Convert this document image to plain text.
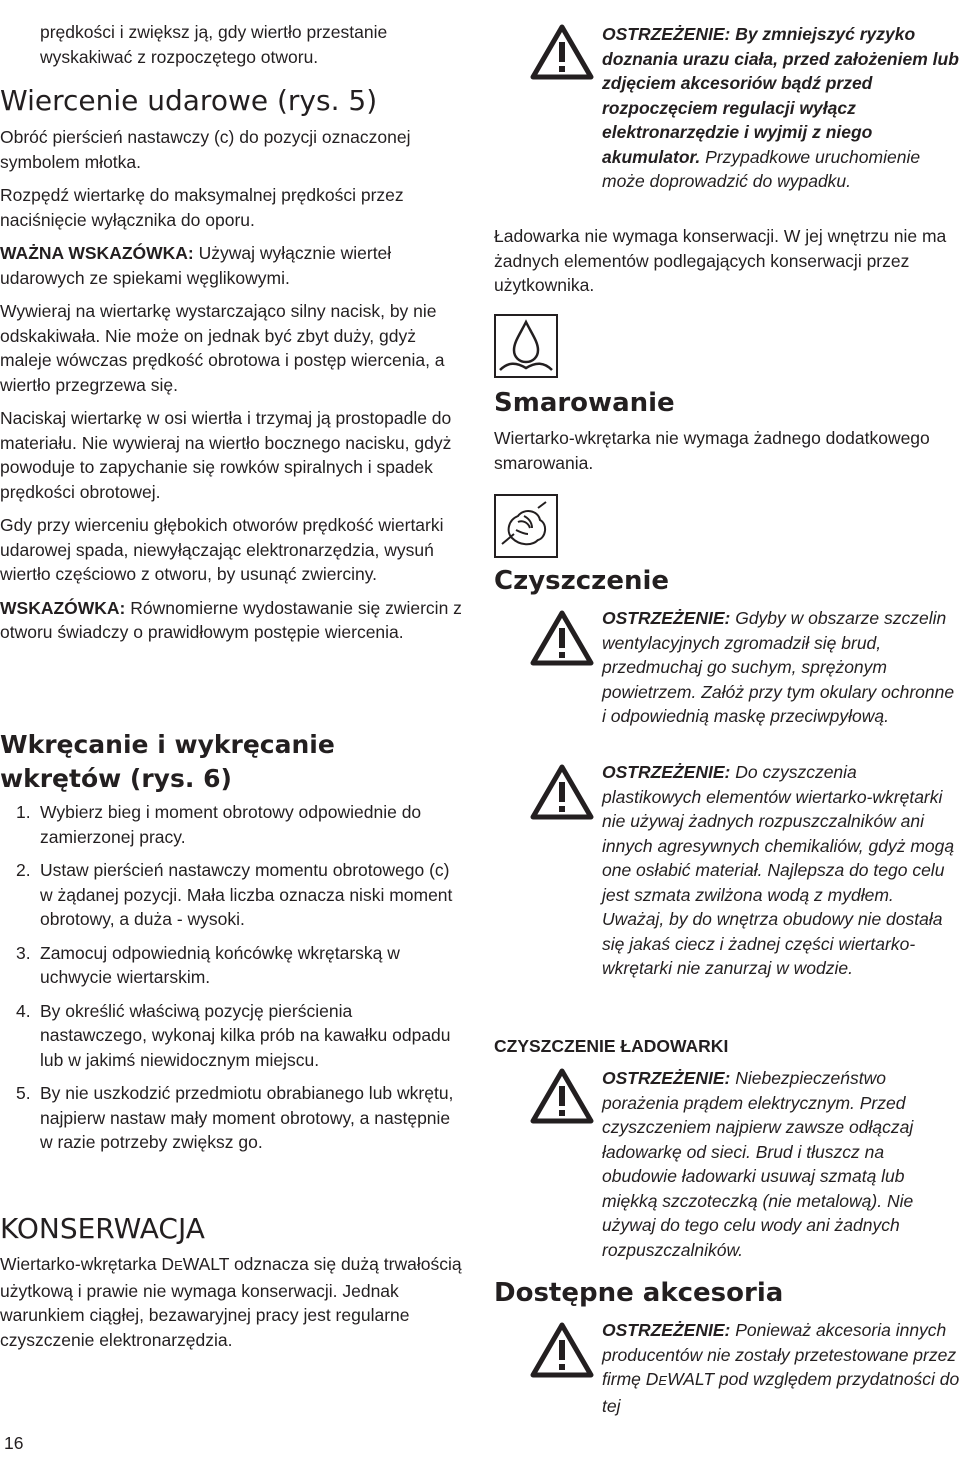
prędkości i zwiększ ją, gdy wiertło przestanie wyskakiwać z rozpoczętego otworu.

Wiercenie udarowe (rys. 5)

Obróć pierścień nastawczy (c) do pozycji oznaczonej symbolem młotka.

Rozpędź wiertarkę do maksymalnej prędkości przez naciśnięcie wyłącznika do oporu.

WAŻNA WSKAZÓWKA: Używaj wyłącznie wierteł udarowych ze spiekami węglikowymi.

Wywieraj na wiertarkę wystarczająco silny nacisk, by nie odskakiwała. Nie może on jednak być zbyt duży, gdyż maleje wówczas prędkość obrotowa i postęp wiercenia, a wiertło przegrzewa się.

Naciskaj wiertarkę w osi wiertła i trzymaj ją prostopadle do materiału. Nie wywieraj na wiertło bocznego nacisku, gdyż powoduje to zapychanie się rowków spiralnych i spadek prędkości obrotowej.

Gdy przy wierceniu głębokich otworów prędkość wiertarki udarowej spada, niewyłączając elektronarzędzia, wysuń wiertło częściowo z otworu, by usunąć zwierciny.

WSKAZÓWKA: Równomierne wydostawanie się zwiercin z otworu świadczy o prawidłowym postępie wiercenia.

Wkręcanie i wykręcanie
wkrętów (rys. 6)
1. Wybierz bieg i moment obrotowy odpowiednie do zamierzonej pracy.
2. Ustaw pierścień nastawczy momentu obrotowego (c) w żądanej pozycji. Mała liczba oznacza niski moment obrotowy, a duża - wysoki.
3. Zamocuj odpowiednią końcówkę wkrętarską w uchwycie wiertarskim.
4. By określić właściwą pozycję pierścienia nastawczego, wykonaj kilka prób na kawałku odpadu lub w jakimś niewidocznym miejscu.
5. By nie uszkodzić przedmiotu obrabianego lub wkrętu, najpierw nastaw mały moment obrotowy, a następnie w razie potrzeby zwiększ go.
KONSERWACJA

Wiertarko-wkrętarka DEWALT odznacza się dużą trwałością użytkową i prawie nie wymaga konserwacji. Jednak warunkiem ciągłej, bezawaryjnej pracy jest regularne czyszczenie elektronarzędzia.

16

OSTRZEŻENIE: By zmniejszyć ryzyko doznania urazu ciała, przed założeniem lub zdjęciem akcesoriów bądź przed rozpoczęciem regulacji wyłącz elektronarzędzie i wyjmij z niego akumulator. Przypadkowe uruchomienie może doprowadzić do wypadku.

Ładowarka nie wymaga konserwacji. W jej wnętrzu nie ma żadnych elementów podlegających konserwacji przez użytkownika.

Smarowanie

Wiertarko-wkrętarka nie wymaga żadnego dodatkowego smarowania.

Czyszczenie

OSTRZEŻENIE: Gdyby w obszarze szczelin wentylacyjnych zgromadził się brud, przedmuchaj go suchym, sprężonym powietrzem. Załóż przy tym okulary ochronne i odpowiednią maskę przeciwpyłową.

OSTRZEŻENIE: Do czyszczenia plastikowych elementów wiertarko-wkrętarki nie używaj żadnych rozpuszczalników ani innych agresywnych chemikaliów, gdyż mogą one osłabić materiał. Najlepsza do tego celu jest szmata zwilżona wodą z mydłem. Uważaj, by do wnętrza obudowy nie dostała się jakaś ciecz i żadnej części wiertarko-wkrętarki nie zanurzaj w wodzie.

CZYSZCZENIE ŁADOWARKI

OSTRZEŻENIE: Niebezpieczeństwo porażenia prądem elektrycznym. Przed czyszczeniem najpierw zawsze odłączaj ładowarkę od sieci. Brud i tłuszcz na obudowie ładowarki usuwaj szmatą lub miękką szczoteczką (nie metalową). Nie używaj do tego celu wody ani żadnych rozpuszczalników.

Dostępne akcesoria

OSTRZEŻENIE: Ponieważ akcesoria innych producentów nie zostały przetestowane przez firmę DEWALT pod względem przydatności do tej
